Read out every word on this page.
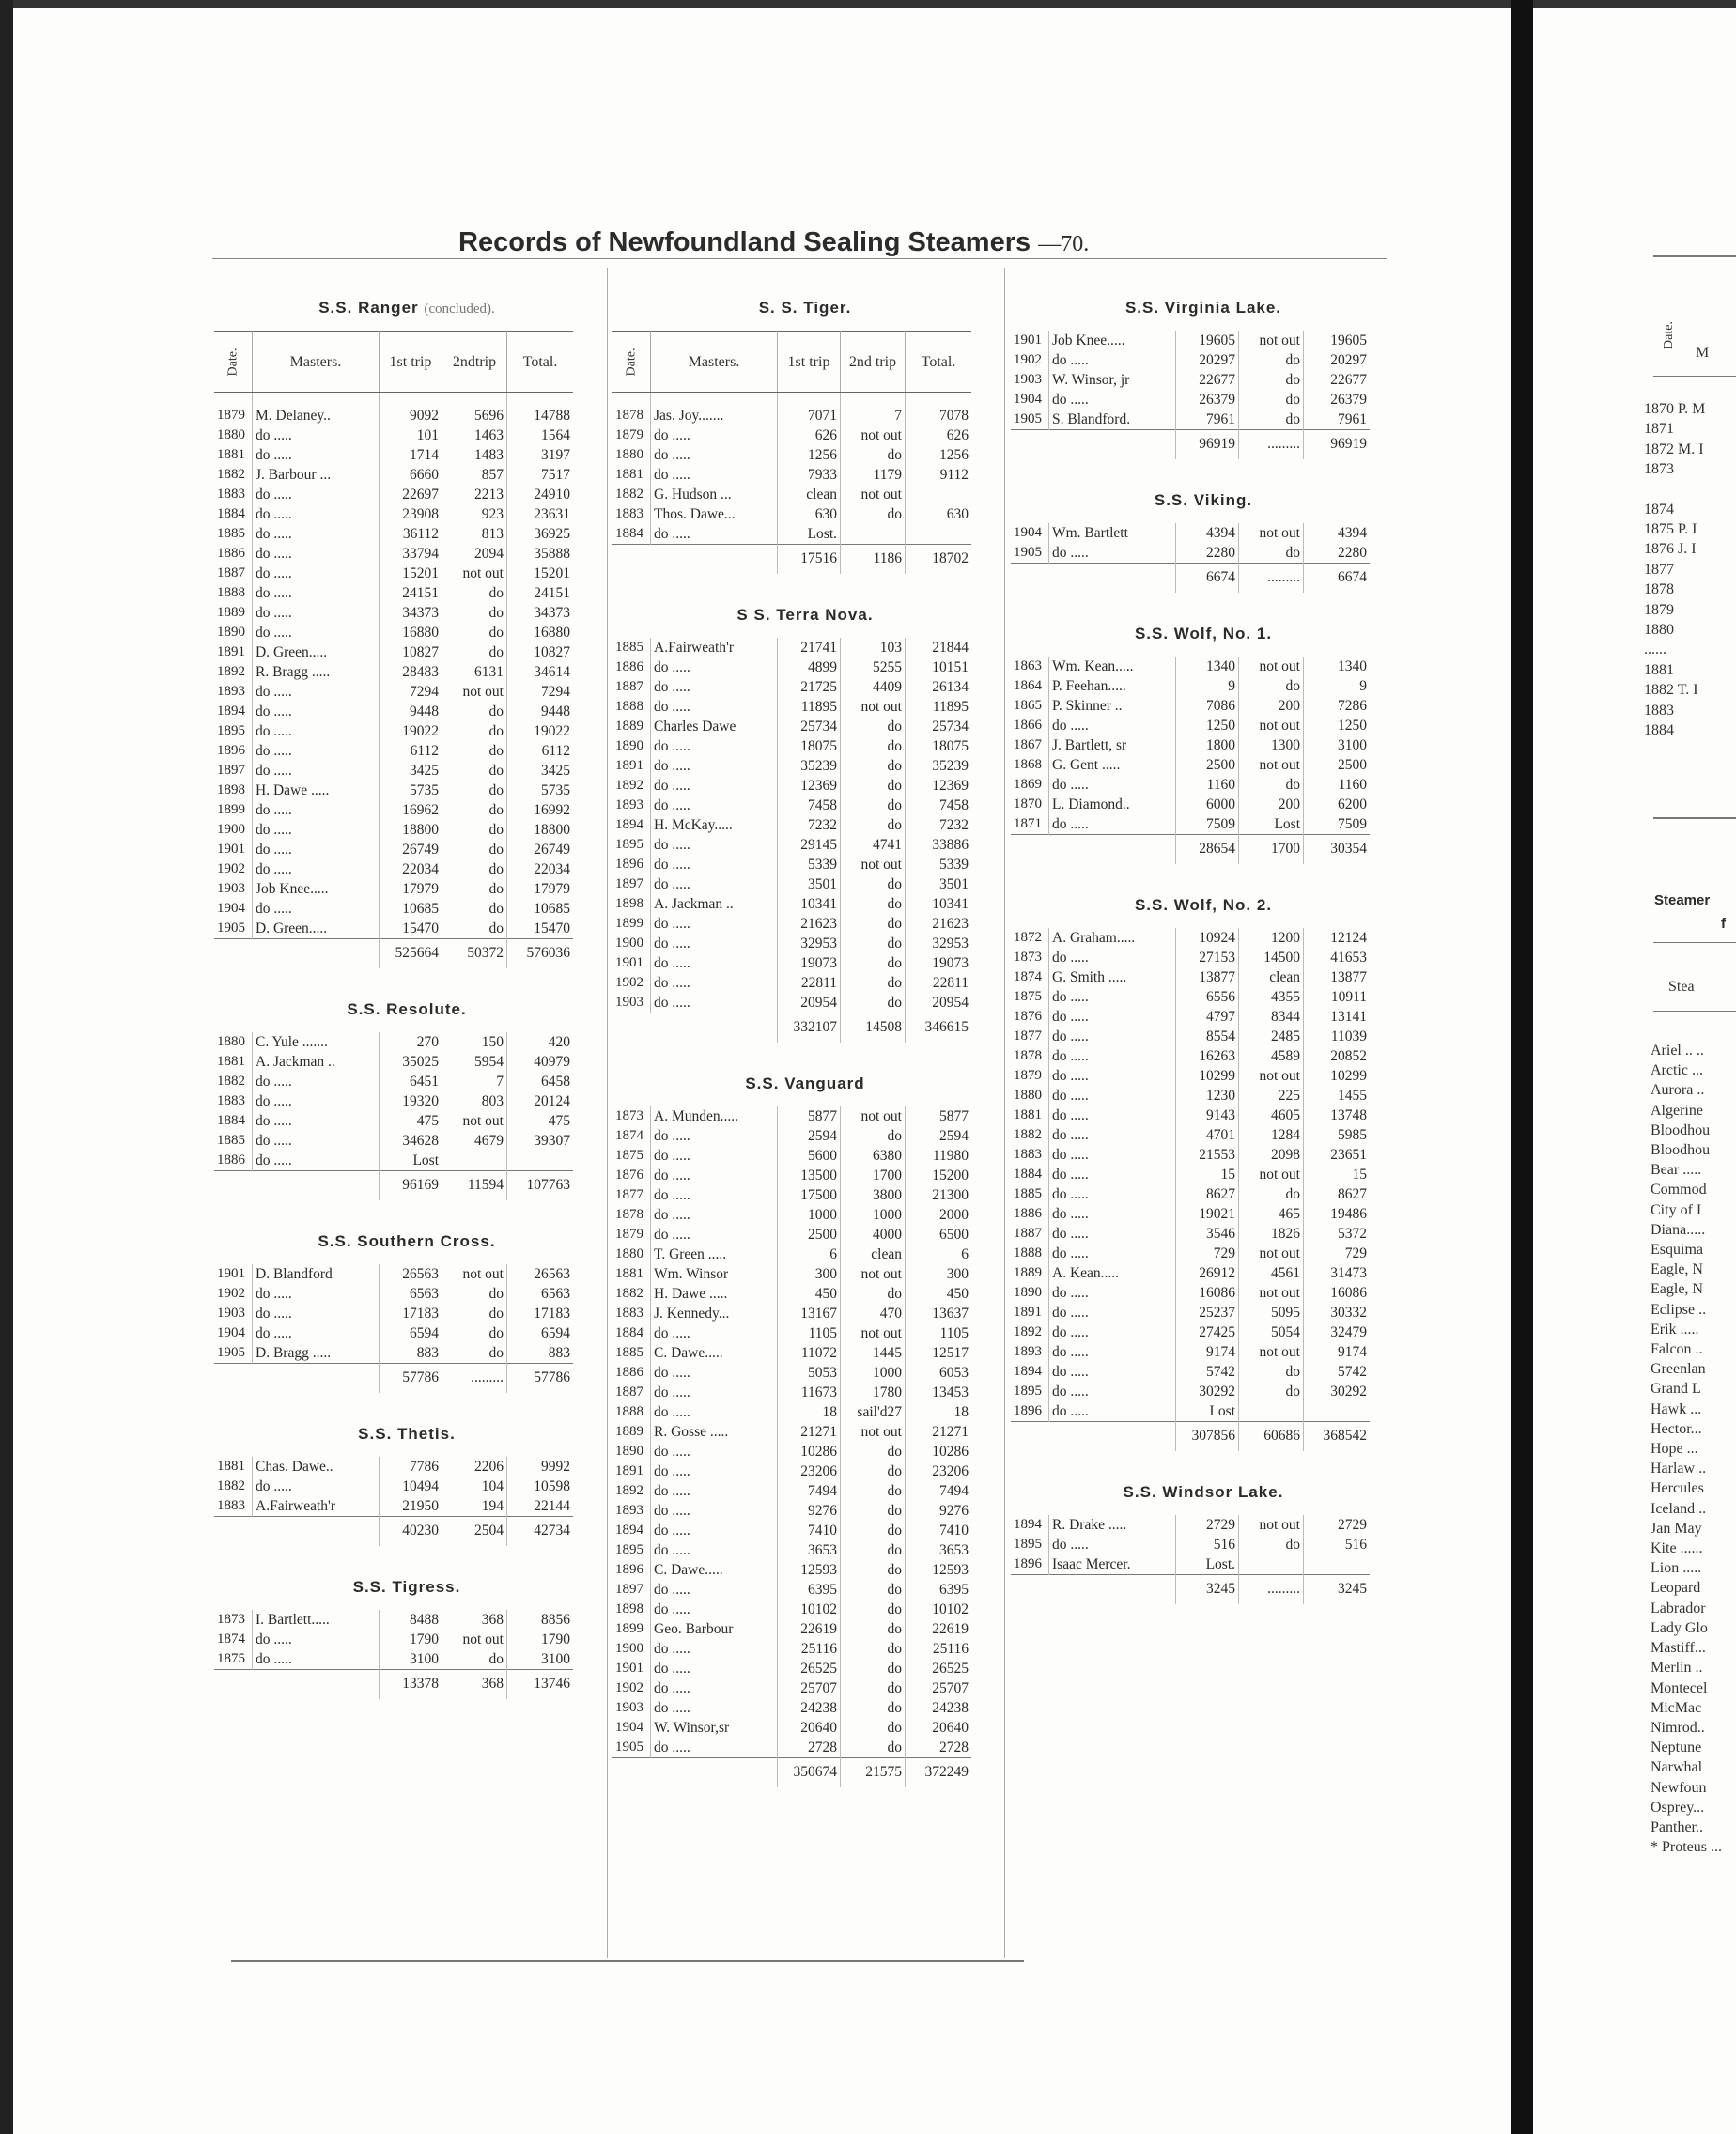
Records of Newfoundland Sealing Steamers —70.
S.S. Ranger (concluded).
Date.	Masters.	1st trip	2ndtrip	Total.
1879	M. Delaney..	9092	5696	14788
1880	do .....	101	1463	1564
1881	do .....	1714	1483	3197
1882	J. Barbour ...	6660	857	7517
1883	do .....	22697	2213	24910
1884	do .....	23908	923	23631
1885	do .....	36112	813	36925
1886	do .....	33794	2094	35888
1887	do .....	15201	not out	15201
1888	do .....	24151	do	24151
1889	do .....	34373	do	34373
1890	do .....	16880	do	16880
1891	D. Green.....	10827	do	10827
1892	R. Bragg .....	28483	6131	34614
1893	do .....	7294	not out	7294
1894	do .....	9448	do	9448
1895	do .....	19022	do	19022
1896	do .....	6112	do	6112
1897	do .....	3425	do	3425
1898	H. Dawe .....	5735	do	5735
1899	do .....	16962	do	16992
1900	do .....	18800	do	18800
1901	do .....	26749	do	26749
1902	do .....	22034	do	22034
1903	Job Knee.....	17979	do	17979
1904	do .....	10685	do	10685
1905	D. Green.....	15470	do	15470
		525664	50372	576036
S.S. Resolute.
1880	C. Yule .......	270	150	420
1881	A. Jackman ..	35025	5954	40979
1882	do .....	6451	7	6458
1883	do .....	19320	803	20124
1884	do .....	475	not out	475
1885	do .....	34628	4679	39307
1886	do .....	Lost		
		96169	11594	107763
S.S. Southern Cross.
1901	D. Blandford	26563	not out	26563
1902	do .....	6563	do	6563
1903	do .....	17183	do	17183
1904	do .....	6594	do	6594
1905	D. Bragg .....	883	do	883
		57786	.........	57786
S.S. Thetis.
1881	Chas. Dawe..	7786	2206	9992
1882	do .....	10494	104	10598
1883	A.Fairweath'r	21950	194	22144
		40230	2504	42734
S.S. Tigress.
1873	I. Bartlett.....	8488	368	8856
1874	do .....	1790	not out	1790
1875	do .....	3100	do	3100
		13378	368	13746
S. S. Tiger.
Date.	Masters.	1st trip	2nd trip	Total.
1878	Jas. Joy.......	7071	7	7078
1879	do .....	626	not out	626
1880	do .....	1256	do	1256
1881	do .....	7933	1179	9112
1882	G. Hudson ...	clean	not out	
1883	Thos. Dawe...	630	do	630
1884	do .....	Lost.		
		17516	1186	18702
S S. Terra Nova.
1885	A.Fairweath'r	21741	103	21844
1886	do .....	4899	5255	10151
1887	do .....	21725	4409	26134
1888	do .....	11895	not out	11895
1889	Charles Dawe	25734	do	25734
1890	do .....	18075	do	18075
1891	do .....	35239	do	35239
1892	do .....	12369	do	12369
1893	do .....	7458	do	7458
1894	H. McKay.....	7232	do	7232
1895	do .....	29145	4741	33886
1896	do .....	5339	not out	5339
1897	do .....	3501	do	3501
1898	A. Jackman ..	10341	do	10341
1899	do .....	21623	do	21623
1900	do .....	32953	do	32953
1901	do .....	19073	do	19073
1902	do .....	22811	do	22811
1903	do .....	20954	do	20954
		332107	14508	346615
S.S. Vanguard
1873	A. Munden.....	5877	not out	5877
1874	do .....	2594	do	2594
1875	do .....	5600	6380	11980
1876	do .....	13500	1700	15200
1877	do .....	17500	3800	21300
1878	do .....	1000	1000	2000
1879	do .....	2500	4000	6500
1880	T. Green .....	6	clean	6
1881	Wm. Winsor	300	not out	300
1882	H. Dawe .....	450	do	450
1883	J. Kennedy...	13167	470	13637
1884	do .....	1105	not out	1105
1885	C. Dawe.....	11072	1445	12517
1886	do .....	5053	1000	6053
1887	do .....	11673	1780	13453
1888	do .....	18	sail'd27	18
1889	R. Gosse .....	21271	not out	21271
1890	do .....	10286	do	10286
1891	do .....	23206	do	23206
1892	do .....	7494	do	7494
1893	do .....	9276	do	9276
1894	do .....	7410	do	7410
1895	do .....	3653	do	3653
1896	C. Dawe.....	12593	do	12593
1897	do .....	6395	do	6395
1898	do .....	10102	do	10102
1899	Geo. Barbour	22619	do	22619
1900	do .....	25116	do	25116
1901	do .....	26525	do	26525
1902	do .....	25707	do	25707
1903	do .....	24238	do	24238
1904	W. Winsor,sr	20640	do	20640
1905	do .....	2728	do	2728
		350674	21575	372249
S.S. Virginia Lake.
1901	Job Knee.....	19605	not out	19605
1902	do .....	20297	do	20297
1903	W. Winsor, jr	22677	do	22677
1904	do .....	26379	do	26379
1905	S. Blandford.	7961	do	7961
		96919	.........	96919
S.S. Viking.
1904	Wm. Bartlett	4394	not out	4394
1905	do .....	2280	do	2280
		6674	.........	6674
S.S. Wolf, No. 1.
1863	Wm. Kean.....	1340	not out	1340
1864	P. Feehan.....	9	do	9
1865	P. Skinner ..	7086	200	7286
1866	do .....	1250	not out	1250
1867	J. Bartlett, sr	1800	1300	3100
1868	G. Gent .....	2500	not out	2500
1869	do .....	1160	do	1160
1870	L. Diamond..	6000	200	6200
1871	do .....	7509	Lost	7509
		28654	1700	30354
S.S. Wolf, No. 2.
1872	A. Graham.....	10924	1200	12124
1873	do .....	27153	14500	41653
1874	G. Smith .....	13877	clean	13877
1875	do .....	6556	4355	10911
1876	do .....	4797	8344	13141
1877	do .....	8554	2485	11039
1878	do .....	16263	4589	20852
1879	do .....	10299	not out	10299
1880	do .....	1230	225	1455
1881	do .....	9143	4605	13748
1882	do .....	4701	1284	5985
1883	do .....	21553	2098	23651
1884	do .....	15	not out	15
1885	do .....	8627	do	8627
1886	do .....	19021	465	19486
1887	do .....	3546	1826	5372
1888	do .....	729	not out	729
1889	A. Kean.....	26912	4561	31473
1890	do .....	16086	not out	16086
1891	do .....	25237	5095	30332
1892	do .....	27425	5054	32479
1893	do .....	9174	not out	9174
1894	do .....	5742	do	5742
1895	do .....	30292	do	30292
1896	do .....	Lost		
		307856	60686	368542
S.S. Windsor Lake.
1894	R. Drake .....	2729	not out	2729
1895	do .....	516	do	516
1896	Isaac Mercer.	Lost.		
		3245	.........	3245
Date.
M
1870 P. M
1871
1872 M. I
1873
1874
1875 P. I
1876 J. I
1877
1878
1879
1880
......
1881
1882 T. I
1883
1884
Steamer
f
Stea
Ariel .. ..
Arctic ...
Aurora ..
Algerine
Bloodhou
Bloodhou
Bear .....
Commod
City of I
Diana.....
Esquima
Eagle, N
Eagle, N
Eclipse ..
Erik .....
Falcon ..
Greenlan
Grand L
Hawk ...
Hector...
Hope ...
Harlaw ..
Hercules
Iceland ..
Jan May
Kite ......
Lion .....
Leopard
Labrador
Lady Glo
Mastiff...
Merlin ..
Montecel
MicMac
Nimrod..
Neptune
Narwhal
Newfoun
Osprey...
Panther..
* Proteus ...
